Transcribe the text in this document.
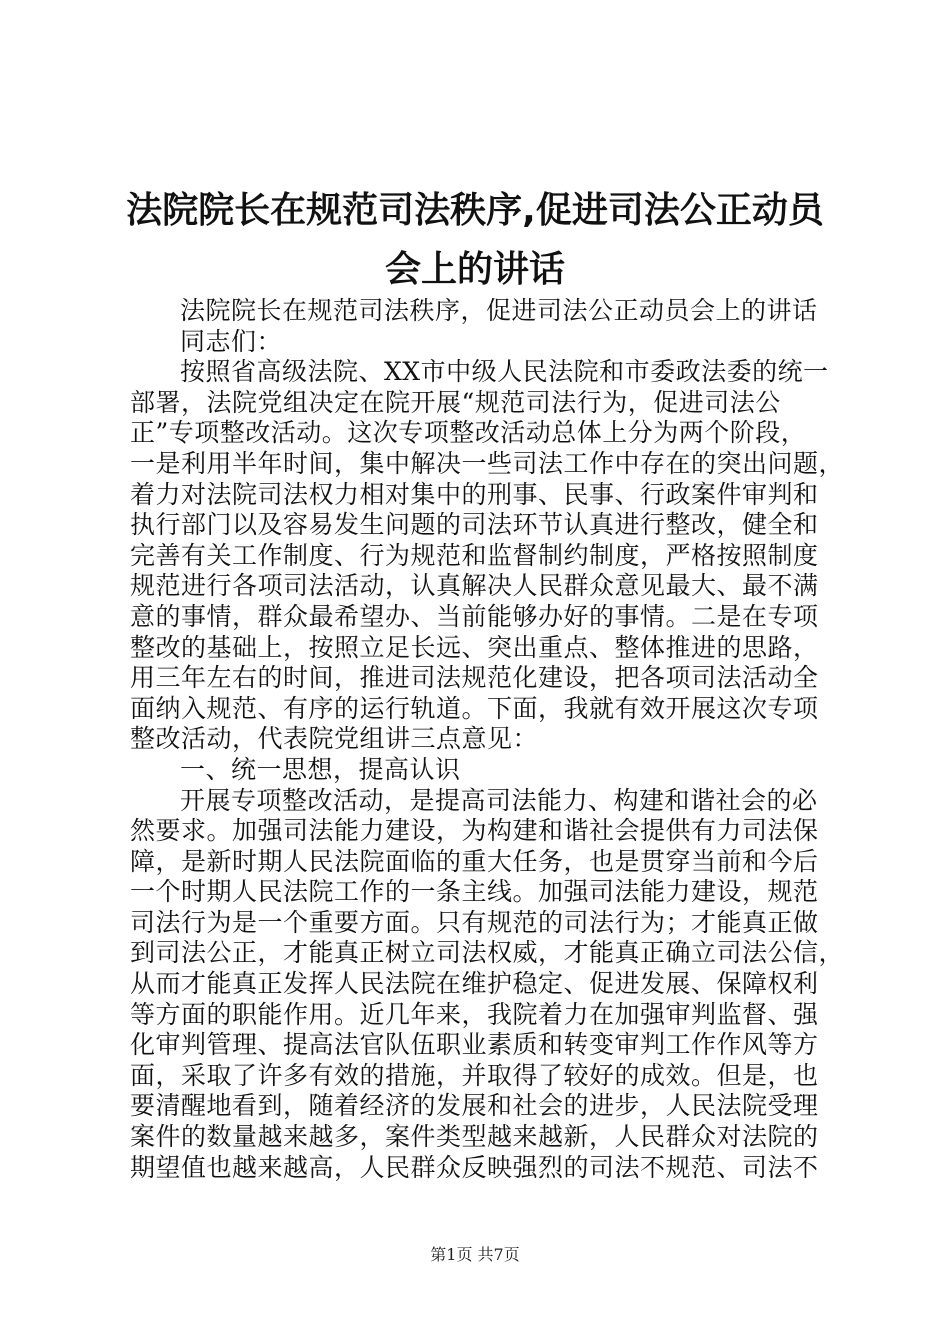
法院院长在规范司法秩序,促进司法公正动员
会上的讲话
法院院长在规范司法秩序，促进司法公正动员会上的讲话
同志们：
按照省高级法院、XX市中级人民法院和市委政法委的统一
部署，法院党组决定在院开展“规范司法行为，促进司法公
正”专项整改活动。这次专项整改活动总体上分为两个阶段，
一是利用半年时间，集中解决一些司法工作中存在的突出问题，
着力对法院司法权力相对集中的刑事、民事、行政案件审判和
执行部门以及容易发生问题的司法环节认真进行整改，健全和
完善有关工作制度、行为规范和监督制约制度，严格按照制度
规范进行各项司法活动，认真解决人民群众意见最大、最不满
意的事情，群众最希望办、当前能够办好的事情。二是在专项
整改的基础上，按照立足长远、突出重点、整体推进的思路，
用三年左右的时间，推进司法规范化建设，把各项司法活动全
面纳入规范、有序的运行轨道。下面，我就有效开展这次专项
整改活动，代表院党组讲三点意见：
一、统一思想，提高认识
开展专项整改活动，是提高司法能力、构建和谐社会的必
然要求。加强司法能力建设，为构建和谐社会提供有力司法保
障，是新时期人民法院面临的重大任务，也是贯穿当前和今后
一个时期人民法院工作的一条主线。加强司法能力建设，规范
司法行为是一个重要方面。只有规范的司法行为；才能真正做
到司法公正，才能真正树立司法权威，才能真正确立司法公信，
从而才能真正发挥人民法院在维护稳定、促进发展、保障权利
等方面的职能作用。近几年来，我院着力在加强审判监督、强
化审判管理、提高法官队伍职业素质和转变审判工作作风等方
面，采取了许多有效的措施，并取得了较好的成效。但是，也
要清醒地看到，随着经济的发展和社会的进步，人民法院受理
案件的数量越来越多，案件类型越来越新，人民群众对法院的
期望值也越来越高，人民群众反映强烈的司法不规范、司法不
第1页 共7页
